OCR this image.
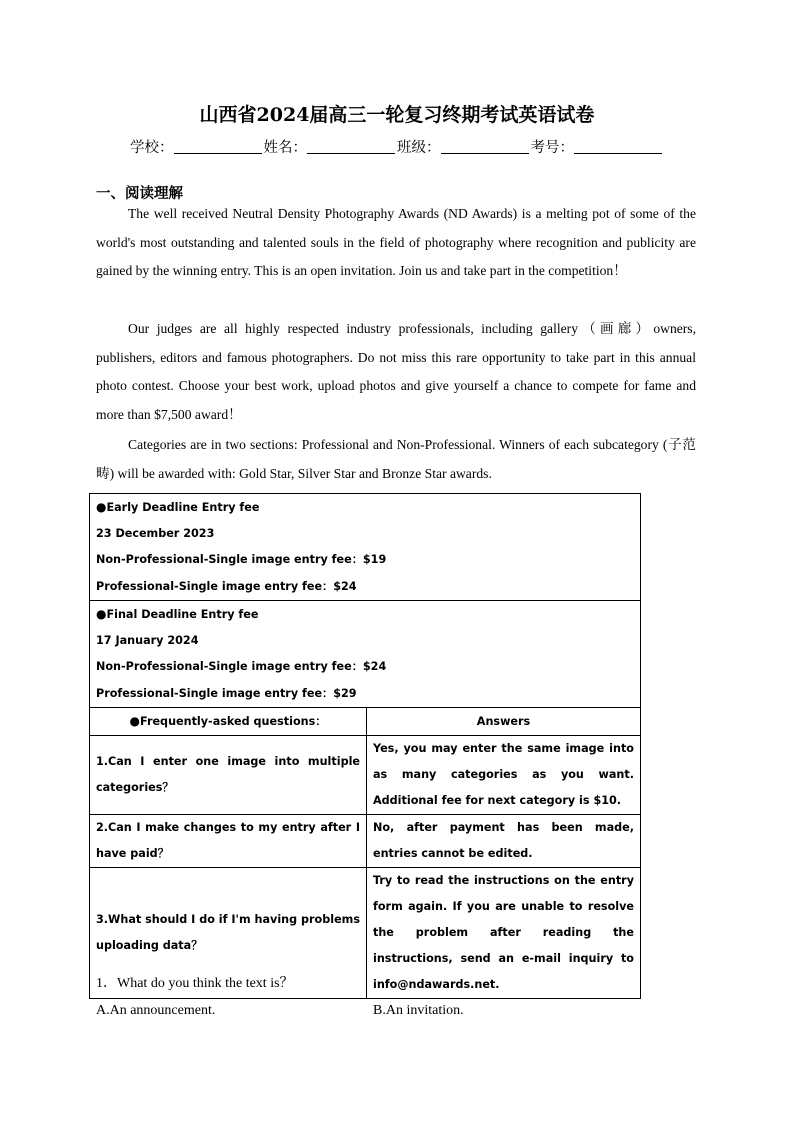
山西省2024届高三一轮复习终期考试英语试卷
学校：	姓名：	班级：	考号：
一、阅读理解
The well received Neutral Density Photography Awards (ND Awards) is a melting pot of some of the world's most outstanding and talented souls in the field of photography where recognition and publicity are gained by the winning entry. This is an open invitation. Join us and take part in the competition！
Our judges are all highly respected industry professionals, including gallery（画廊）owners, publishers, editors and famous photographers. Do not miss this rare opportunity to take part in this annual photo contest. Choose your best work, upload photos and give yourself a chance to compete for fame and more than $7,500 award！
Categories are in two sections: Professional and Non-Professional. Winners of each subcategory (子范畴) will be awarded with: Gold Star, Silver Star and Bronze Star awards.
●Early Deadline Entry fee
23 December 2023
Non-Professional-Single image entry fee：$19
Professional-Single image entry fee：$24	

●Final Deadline Entry fee
17 January 2024
Non-Professional-Single image entry fee：$24
Professional-Single image entry fee：$29	

●Frequently-asked questions：	Answers
1.Can I enter one image into multiple categories？	Yes, you may enter the same image into as many categories as you want. Additional fee for next category is $10.
2.Can I make changes to my entry after I have paid？	No, after payment has been made, entries cannot be edited.
3.What should I do if I'm having problems uploading data？	Try to read the instructions on the entry form again. If you are unable to resolve the problem after reading the instructions, send an e-mail inquiry to info@ndawards.net.
1．What do you think the text is？
A.An announcement.	B.An invitation.
